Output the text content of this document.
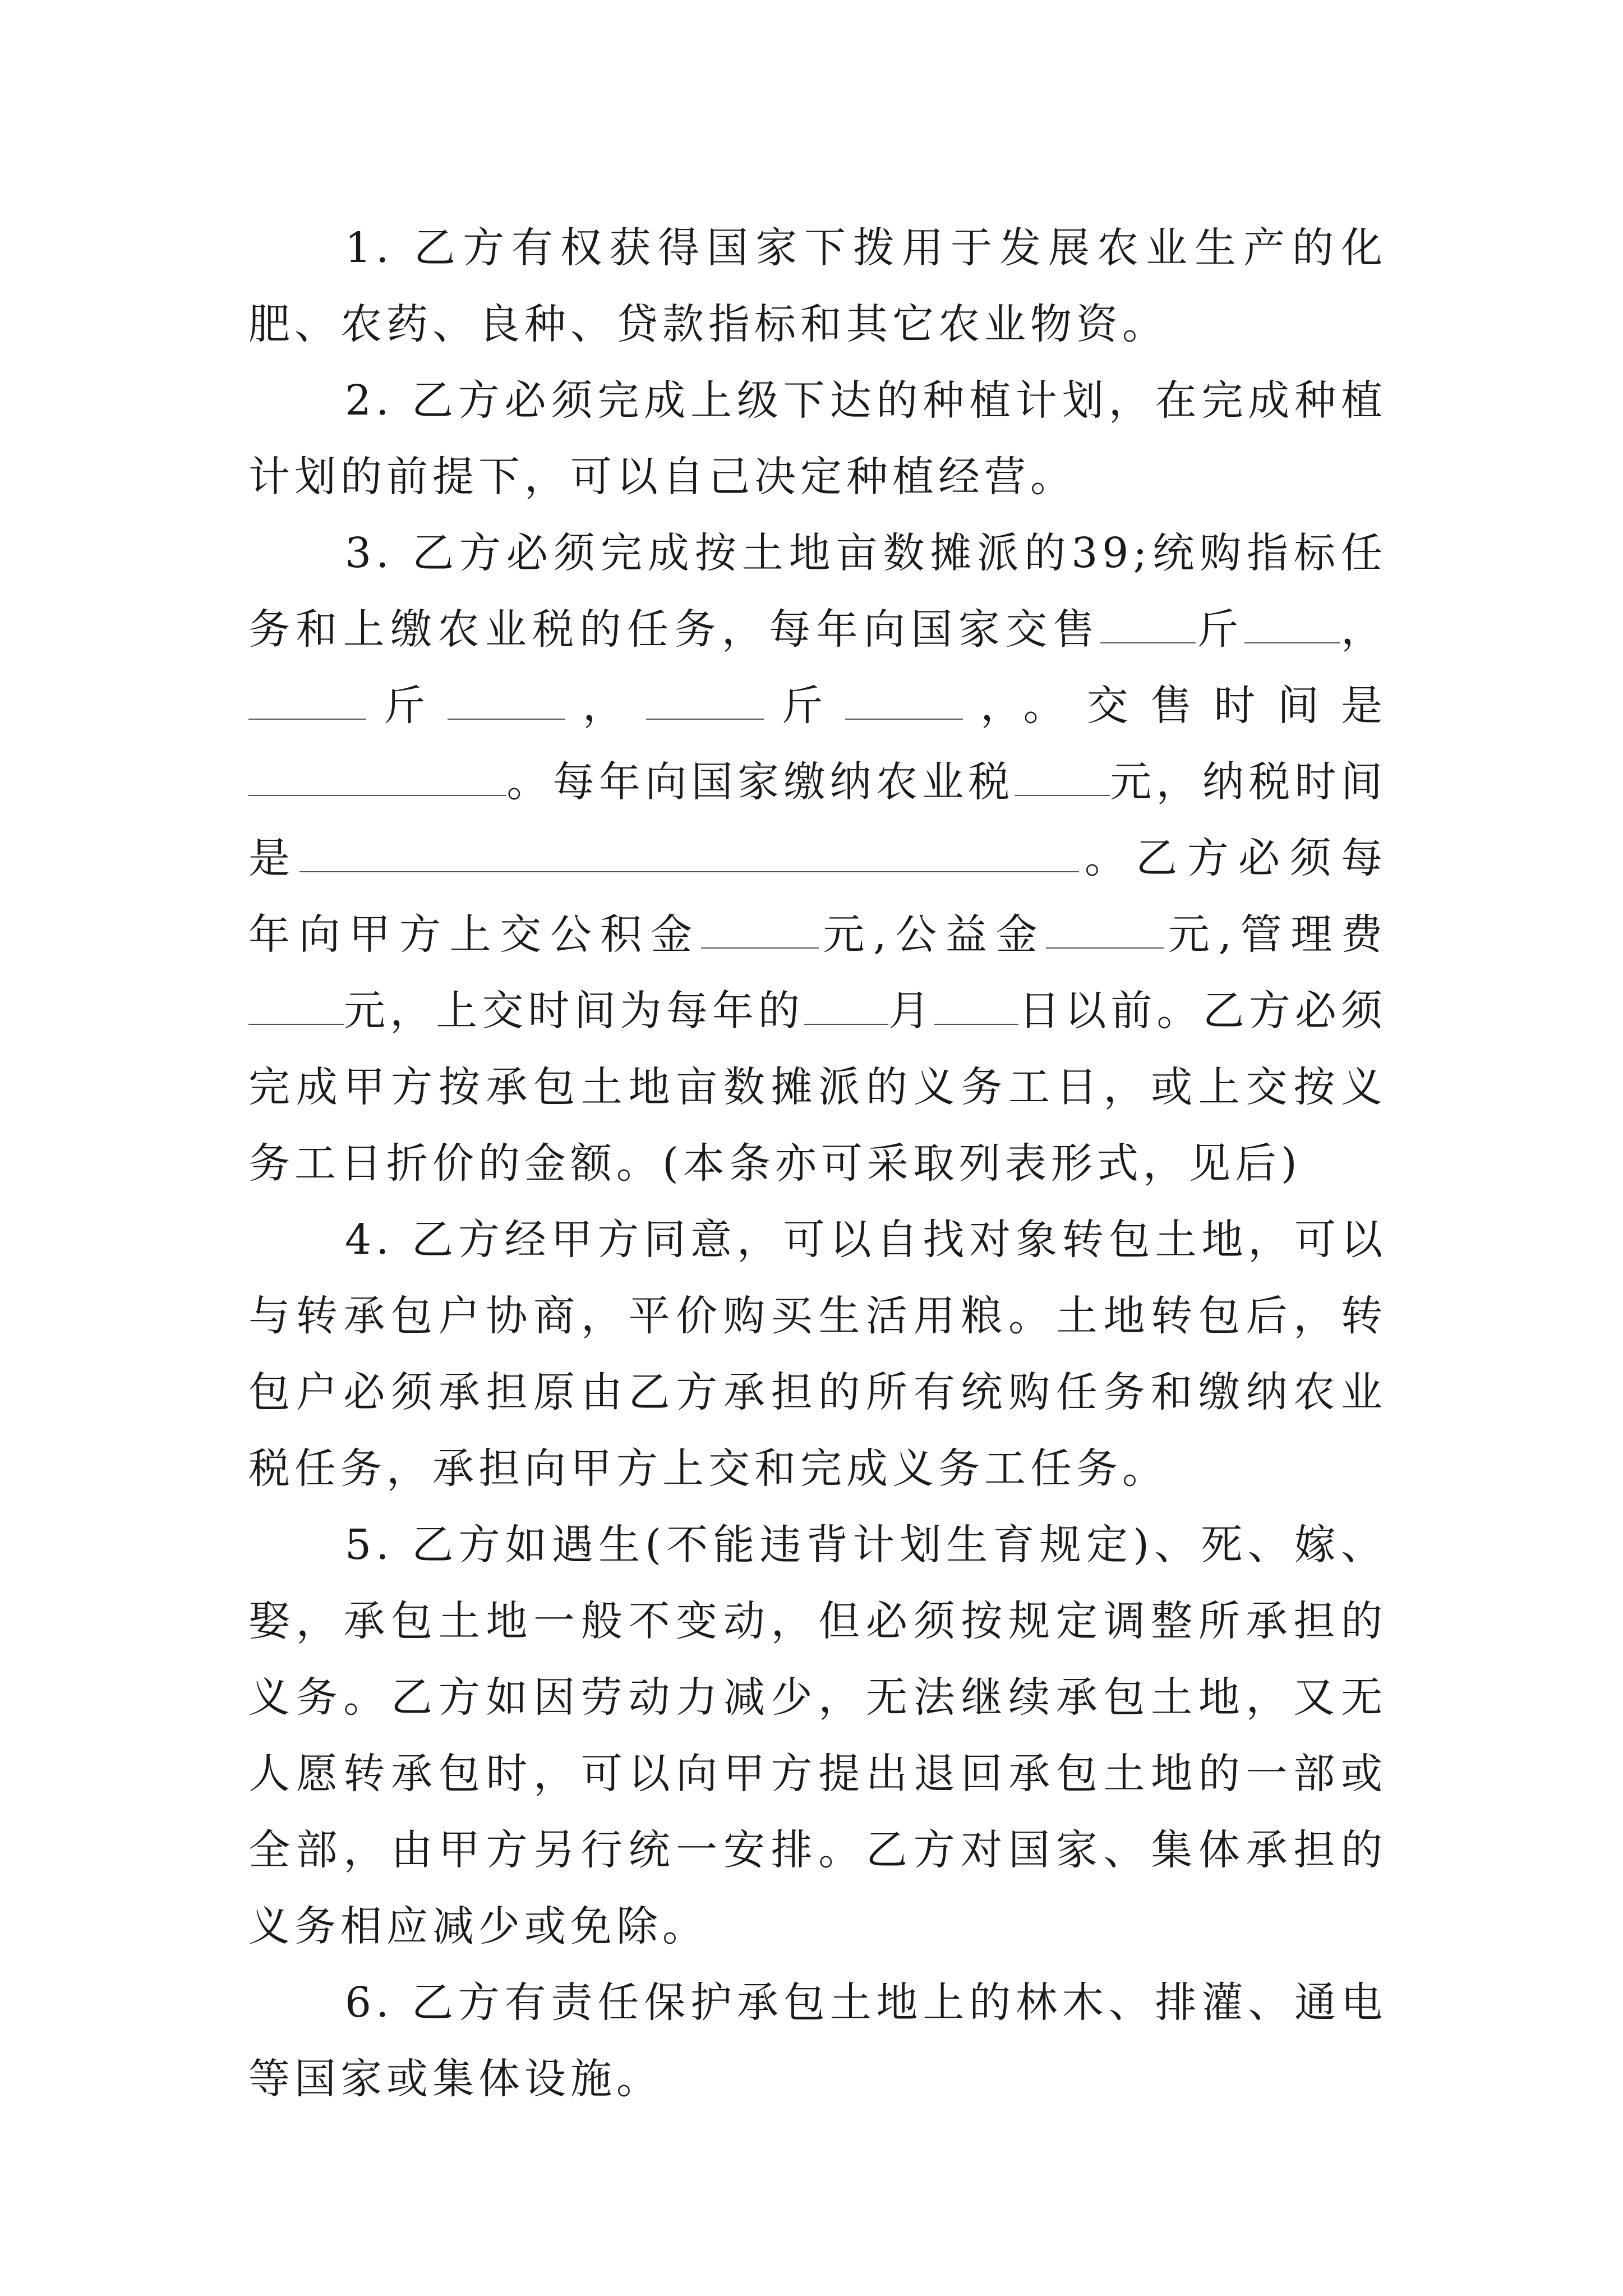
1. 乙方有权获得国家下拨用于发展农业生产的化肥、农药、良种、贷款指标和其它农业物资。

2. 乙方必须完成上级下达的种植计划，在完成种植计划的前提下，可以自己决定种植经营。

3. 乙方必须完成按土地亩数摊派的39;统购指标任务和上缴农业税的任务，每年向国家交售 斤 ，斤	，	斤	，。交售时间是。每年向国家缴纳农业税 元，纳税时间是	。乙方必须每年向甲方上交公积金	元,公益金	元,管理费元，上交时间为每年的 月 日以前。乙方必须完成甲方按承包土地亩数摊派的义务工日，或上交按义务工日折价的金额。(本条亦可采取列表形式，见后)

4. 乙方经甲方同意，可以自找对象转包土地，可以与转承包户协商，平价购买生活用粮。土地转包后，转包户必须承担原由乙方承担的所有统购任务和缴纳农业税任务，承担向甲方上交和完成义务工任务。

5. 乙方如遇生(不能违背计划生育规定)、死、嫁、娶，承包土地一般不变动，但必须按规定调整所承担的义务。乙方如因劳动力减少，无法继续承包土地，又无人愿转承包时，可以向甲方提出退回承包土地的一部或全部，由甲方另行统一安排。乙方对国家、集体承担的义务相应减少或免除。

6. 乙方有责任保护承包土地上的林木、排灌、通电等国家或集体设施。
